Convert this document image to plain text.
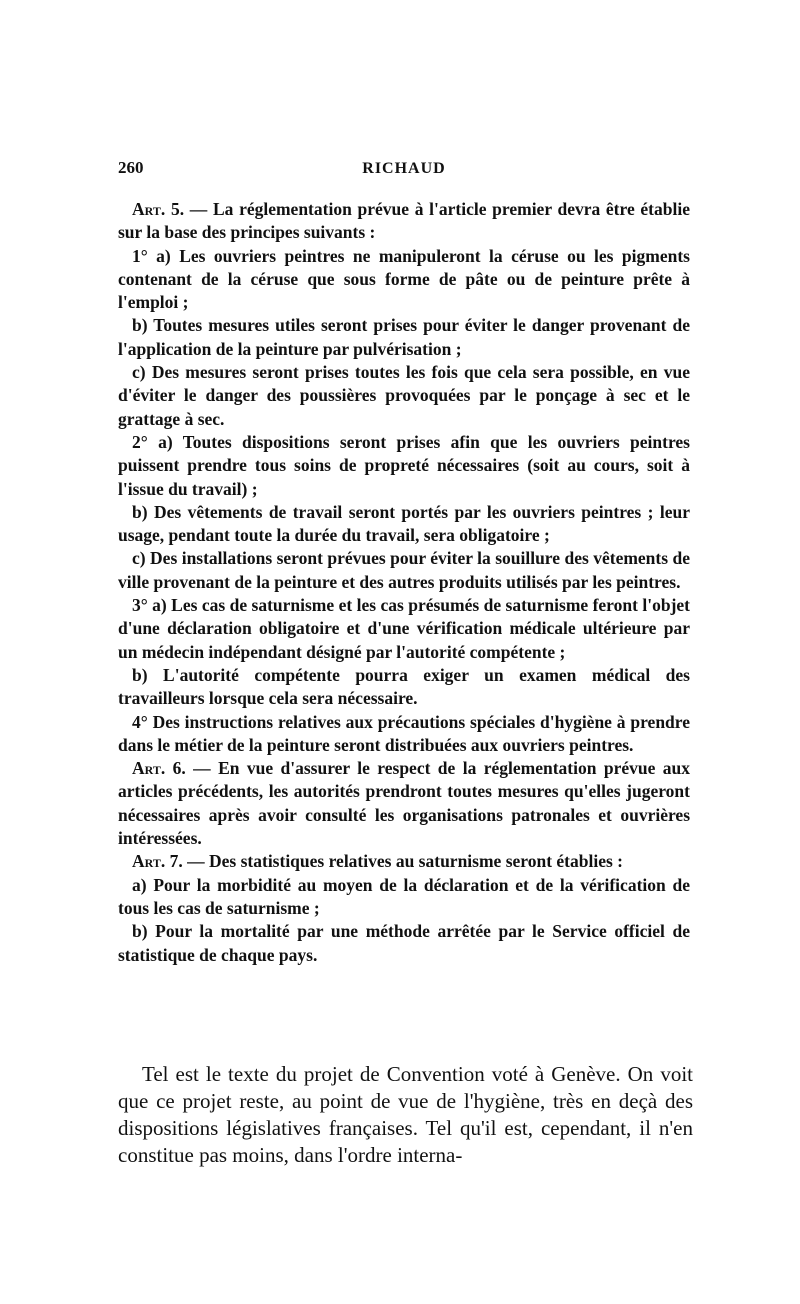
260	RICHAUD

Art. 5. — La réglementation prévue à l'article premier devra être établie sur la base des principes suivants :

1° a) Les ouvriers peintres ne manipuleront la céruse ou les pigments contenant de la céruse que sous forme de pâte ou de peinture prête à l'emploi ;

b) Toutes mesures utiles seront prises pour éviter le danger provenant de l'application de la peinture par pulvérisation ;

c) Des mesures seront prises toutes les fois que cela sera possible, en vue d'éviter le danger des poussières provoquées par le ponçage à sec et le grattage à sec.

2° a) Toutes dispositions seront prises afin que les ouvriers peintres puissent prendre tous soins de propreté nécessaires (soit au cours, soit à l'issue du travail) ;

b) Des vêtements de travail seront portés par les ouvriers peintres ; leur usage, pendant toute la durée du travail, sera obligatoire ;

c) Des installations seront prévues pour éviter la souillure des vêtements de ville provenant de la peinture et des autres produits utilisés par les peintres.

3° a) Les cas de saturnisme et les cas présumés de saturnisme feront l'objet d'une déclaration obligatoire et d'une vérification médicale ultérieure par un médecin indépendant désigné par l'autorité compétente ;

b) L'autorité compétente pourra exiger un examen médical des travailleurs lorsque cela sera nécessaire.

4° Des instructions relatives aux précautions spéciales d'hygiène à prendre dans le métier de la peinture seront distribuées aux ouvriers peintres.

Art. 6. — En vue d'assurer le respect de la réglementation prévue aux articles précédents, les autorités prendront toutes mesures qu'elles jugeront nécessaires après avoir consulté les organisations patronales et ouvrières intéressées.

Art. 7. — Des statistiques relatives au saturnisme seront établies :

a) Pour la morbidité au moyen de la déclaration et de la vérification de tous les cas de saturnisme ;

b) Pour la mortalité par une méthode arrêtée par le Service officiel de statistique de chaque pays.

Tel est le texte du projet de Convention voté à Genève. On voit que ce projet reste, au point de vue de l'hygiène, très en deçà des dispositions législatives françaises. Tel qu'il est, cependant, il n'en constitue pas moins, dans l'ordre interna-
